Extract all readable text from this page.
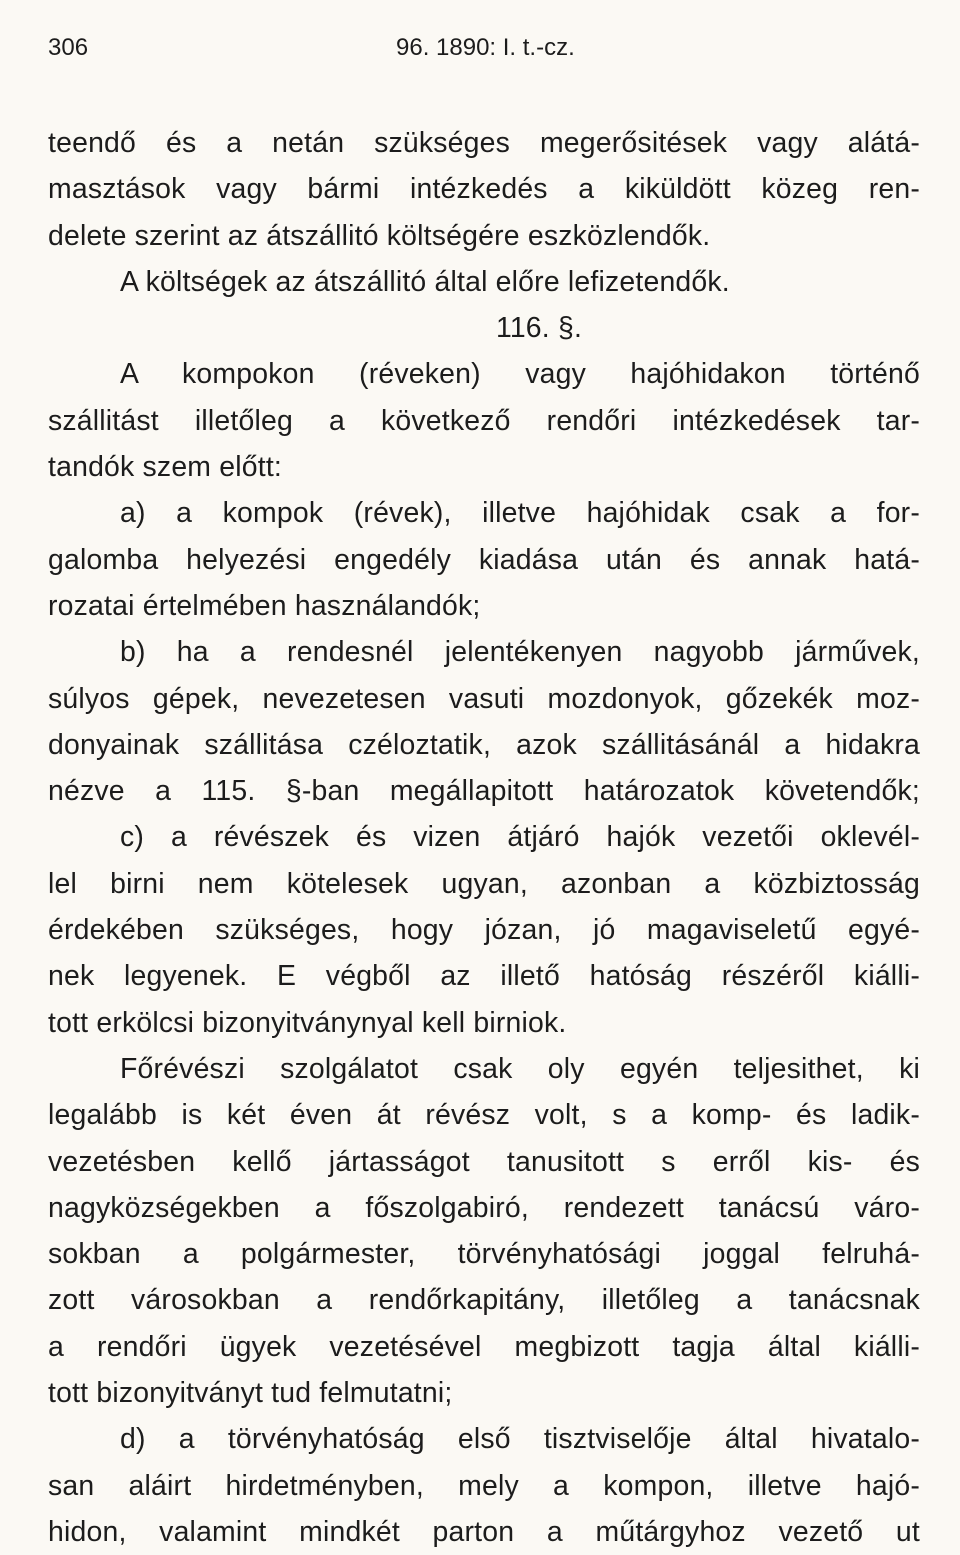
306	96. 1890: I. t.-cz.
teendő és a netán szükséges megerősitések vagy alátá-
masztások vagy bármi intézkedés a kiküldött közeg ren-
delete szerint az átszállitó költségére eszközlendők.
A költségek az átszállitó által előre lefizetendők.
116. §.
A kompokon (réveken) vagy hajóhidakon történő
szállitást illetőleg a következő rendőri intézkedések tar-
tandók szem előtt:
a) a kompok (révek), illetve hajóhidak csak a for-
galomba helyezési engedély kiadása után és annak hatá-
rozatai értelmében használandók;
b) ha a rendesnél jelentékenyen nagyobb járművek,
súlyos gépek, nevezetesen vasuti mozdonyok, gőzekék moz-
donyainak szállitása czéloztatik, azok szállitásánál a hidakra
nézve a 115. §-ban megállapitott határozatok követendők;
c) a révészek és vizen átjáró hajók vezetői oklevél-
lel birni nem kötelesek ugyan, azonban a közbiztosság
érdekében szükséges, hogy józan, jó magaviseletű egyé-
nek legyenek. E végből az illető hatóság részéről kiálli-
tott erkölcsi bizonyitványnyal kell birniok.
Főrévészi szolgálatot csak oly egyén teljesithet, ki
legalább is két éven át révész volt, s a komp- és ladik-
vezetésben kellő jártasságot tanusitott s erről kis- és
nagyközségekben a főszolgabiró, rendezett tanácsú váro-
sokban a polgármester, törvényhatósági joggal felruhá-
zott városokban a rendőrkapitány, illetőleg a tanácsnak
a rendőri ügyek vezetésével megbizott tagja által kiálli-
tott bizonyitványt tud felmutatni;
d) a törvényhatóság első tisztviselője által hivatalo-
san aláirt hirdetményben, mely a kompon, illetve hajó-
hidon, valamint mindkét parton a műtárgyhoz vezető ut
